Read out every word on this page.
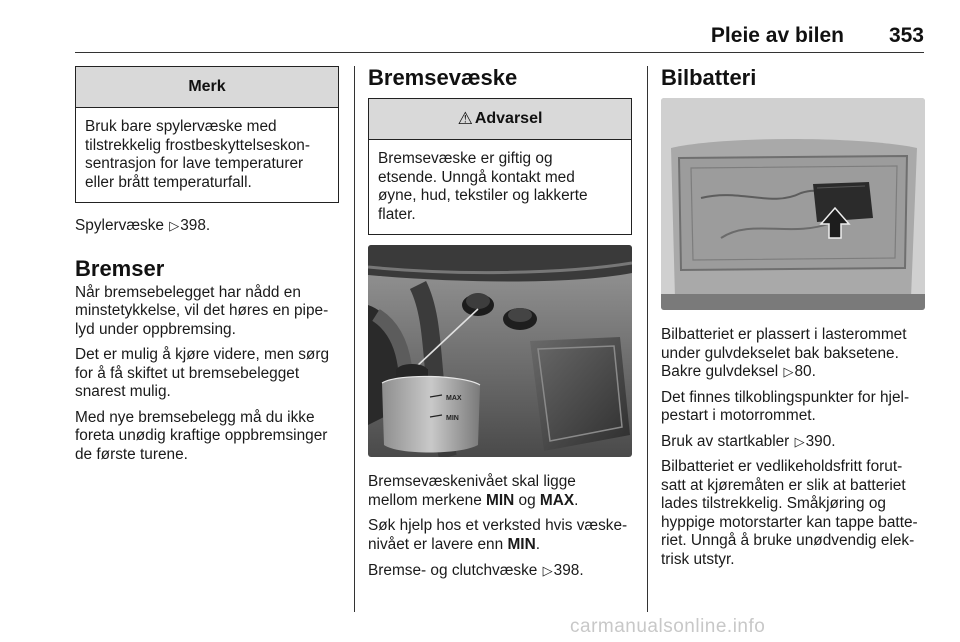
Pleie av bilen 353
Merk

Bruk bare spylervæske med

tilstrekkelig frostbeskyttelseskon-

sentrasjon for lave temperaturer

eller brått temperaturfall.

Spylervæske ▷398.

Bremser

Når bremsebelegget har nådd en

minstetykkelse, vil det høres en pipe-

lyd under oppbremsing.

Det er mulig å kjøre videre, men sørg

for å få skiftet ut bremsebelegget

snarest mulig.

Med nye bremsebelegg må du ikke

foreta unødig kraftige oppbremsinger

de første turene.

Bremsevæske
⚠ Advarsel

Bremsevæske er giftig og

etsende. Unngå kontakt med

øyne, hud, tekstiler og lakkerte

flater.

MAX
MIN

Bremsevæskenivået skal ligge

mellom merkene MIN og MAX.

Søk hjelp hos et verksted hvis væske-

nivået er lavere enn MIN.

Bremse- og clutchvæske ▷398.

Bilbatteri

Bilbatteriet er plassert i lasterommet

under gulvdekselet bak baksetene.

Bakre gulvdeksel ▷80.

Det finnes tilkoblingspunkter for hjel-

pestart i motorrommet.

Bruk av startkabler ▷390.

Bilbatteriet er vedlikeholdsfritt forut-

satt at kjøremåten er slik at batteriet

lades tilstrekkelig. Småkjøring og

hyppige motorstarter kan tappe batte-

riet. Unngå å bruke unødvendig elek-

trisk utstyr.

carmanualsonline.info
